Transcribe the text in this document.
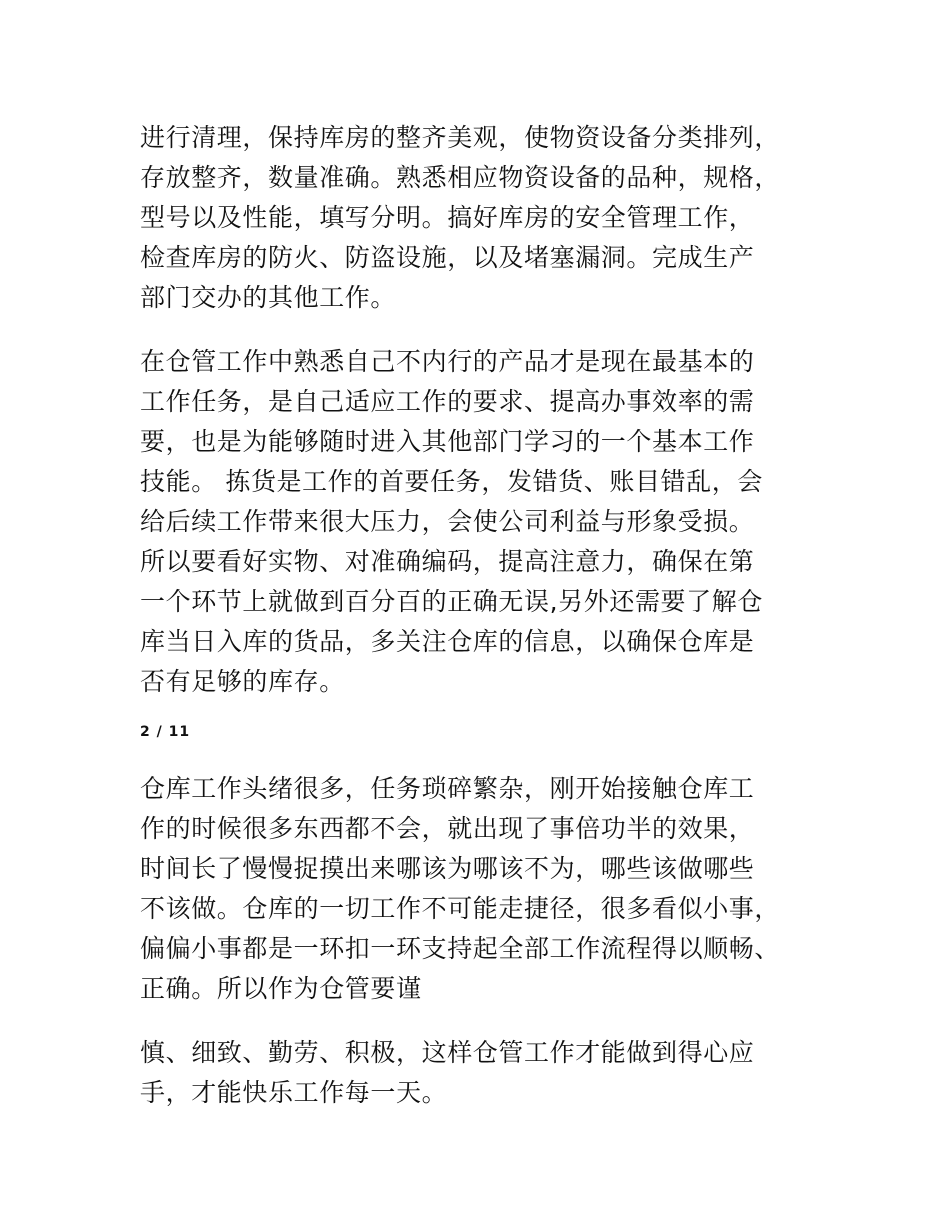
进行清理，保持库房的整齐美观，使物资设备分类排列，
存放整齐，数量准确。熟悉相应物资设备的品种，规格，
型号以及性能，填写分明。搞好库房的安全管理工作，
检查库房的防火、防盗设施，以及堵塞漏洞。完成生产
部门交办的其他工作。
在仓管工作中熟悉自己不内行的产品才是现在最基本的
工作任务，是自己适应工作的要求、提高办事效率的需
要，也是为能够随时进入其他部门学习的一个基本工作
技能。 拣货是工作的首要任务，发错货、账目错乱，会
给后续工作带来很大压力，会使公司利益与形象受损。
所以要看好实物、对准确编码，提高注意力，确保在第
一个环节上就做到百分百的正确无误,另外还需要了解仓
库当日入库的货品，多关注仓库的信息，以确保仓库是
否有足够的库存。
2 / 11
仓库工作头绪很多，任务琐碎繁杂，刚开始接触仓库工
作的时候很多东西都不会，就出现了事倍功半的效果，
时间长了慢慢捉摸出来哪该为哪该不为，哪些该做哪些
不该做。仓库的一切工作不可能走捷径，很多看似小事，
偏偏小事都是一环扣一环支持起全部工作流程得以顺畅、
正确。所以作为仓管要谨
慎、细致、勤劳、积极，这样仓管工作才能做到得心应
手，才能快乐工作每一天。
